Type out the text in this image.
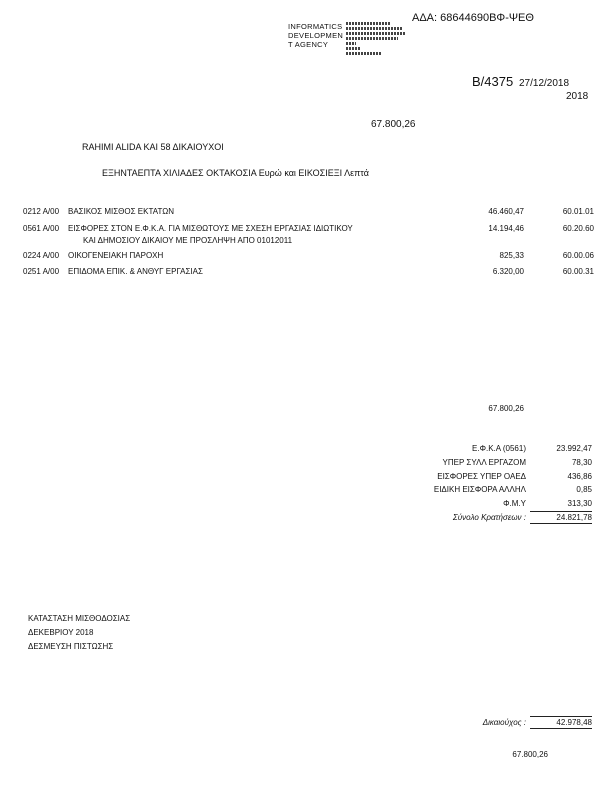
ΑΔΑ: 68644690ΒΦ-ΨΕΘ
INFORMATICS
DEVELOPMEN
T AGENCY
Β/4375 27/12/2018
2018
67.800,26
RAHIMI ALIDA ΚΑΙ 58 ΔΙΚΑΙΟΥΧΟΙ
ΕΞΗΝΤΑΕΠΤΑ ΧΙΛΙΑΔΕΣ ΟΚΤΑΚΟΣΙΑ Ευρώ και ΕΙΚΟΣΙΕΞΙ Λεπτά
0212 Α/00 ΒΑΣΙΚΟΣ ΜΙΣΘΟΣ ΕΚΤΑΤΩΝ	46.460,47	60.01.01
0561 Α/00 ΕΙΣΦΟΡΕΣ ΣΤΟΝ Ε.Φ.Κ.Α. ΓΙΑ ΜΙΣΘΩΤΟΥΣ ΜΕ ΣΧΕΣΗ ΕΡΓΑΣΙΑΣ ΙΔΙΩΤΙΚΟΥ
ΚΑΙ ΔΗΜΟΣΙΟΥ ΔΙΚΑΙΟΥ ΜΕ ΠΡΟΣΛΗΨΗ ΑΠΟ 01012011
14.194,46	60.20.60
0224 Α/00 ΟΙΚΟΓΕΝΕΙΑΚΗ ΠΑΡΟΧΗ	825,33	60.00.06
0251 Α/00 ΕΠΙΔΟΜΑ ΕΠΙΚ. & ΑΝΘΥΓ ΕΡΓΑΣΙΑΣ	6.320,00	60.00.31
67.800,26
Ε.Φ.Κ.Α (0561)	23.992,47
ΥΠΕΡ ΣΥΛΛ ΕΡΓΑΖΟΜ	78,30
ΕΙΣΦΟΡΕΣ ΥΠΕΡ ΟΑΕΔ	436,86
ΕΙΔΙΚΗ ΕΙΣΦΟΡΑ ΑΛΛΗΛ	0,85
Φ.Μ.Υ	313,30
Σύνολο Κρατήσεων :	24.821,78
ΚΑΤΑΣΤΑΣΗ ΜΙΣΘΟΔΟΣΙΑΣ
ΔΕΚΕΒΡΙΟΥ 2018
ΔΕΣΜΕΥΣΗ ΠΙΣΤΩΣΗΣ
Δικαιούχος :	42.978,48
67.800,26
